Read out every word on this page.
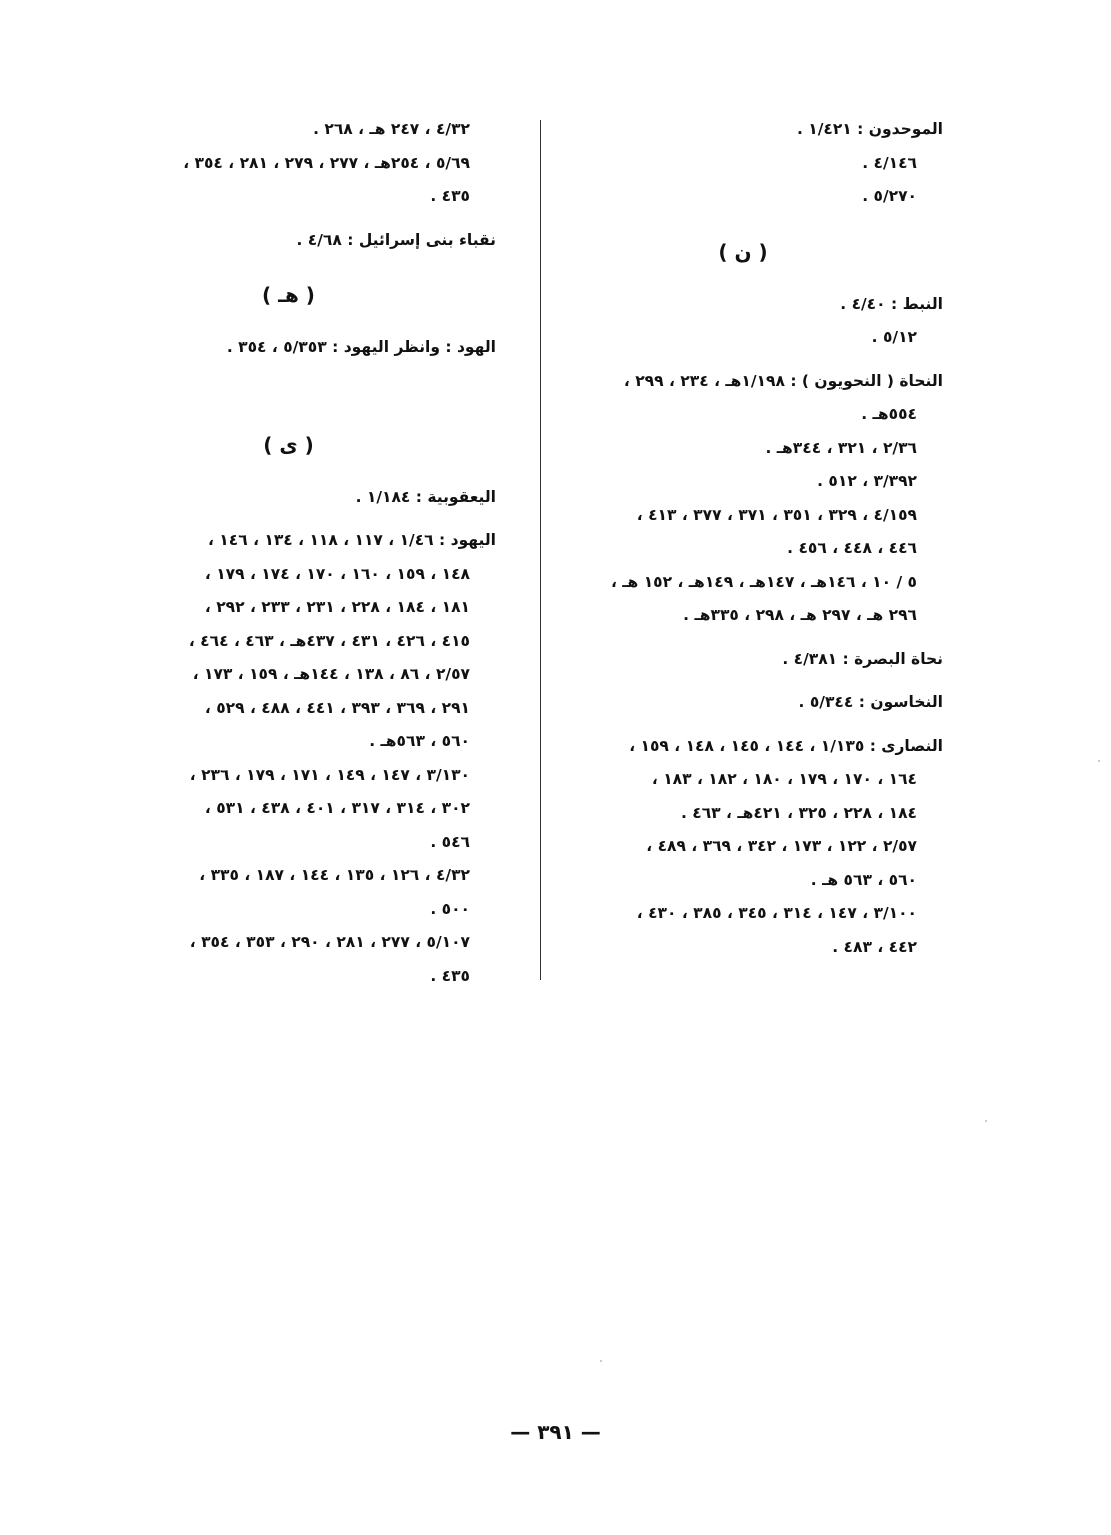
الموحدون : ١/٤٢١ .
٤/١٤٦ .
٥/٢٧٠ .
( ن )
النبط : ٤/٤٠ .
٥/١٢ .
النحاة ( النحويون ) : ١/١٩٨هـ ، ٢٣٤ ، ٢٩٩ ،
٥٥٤هـ .
٢/٣٦ ، ٣٢١ ، ٣٤٤هـ .
٣/٣٩٢ ، ٥١٢ .
٤/١٥٩ ، ٣٢٩ ، ٣٥١ ، ٣٧١ ، ٣٧٧ ، ٤١٣ ،
٤٤٦ ، ٤٤٨ ، ٤٥٦ .
٥ / ١٠ ، ١٤٦هـ ، ١٤٧هـ ، ١٤٩هـ ، ١٥٢ هـ ،
٢٩٦ هـ ، ٢٩٧ هـ ، ٢٩٨ ، ٣٣٥هـ .
نحاة البصرة : ٤/٣٨١ .
النخاسون : ٥/٣٤٤ .
النصارى : ١/١٣٥ ، ١٤٤ ، ١٤٥ ، ١٤٨ ، ١٥٩ ،
١٦٤ ، ١٧٠ ، ١٧٩ ، ١٨٠ ، ١٨٢ ، ١٨٣ ،
١٨٤ ، ٢٢٨ ، ٣٢٥ ، ٤٢١هـ ، ٤٦٣ .
٢/٥٧ ، ١٢٢ ، ١٧٣ ، ٣٤٢ ، ٣٦٩ ، ٤٨٩ ،
٥٦٠ ، ٥٦٣ هـ .
٣/١٠٠ ، ١٤٧ ، ٣١٤ ، ٣٤٥ ، ٣٨٥ ، ٤٣٠ ،
٤٤٢ ، ٤٨٣ .
٤/٣٢ ، ٢٤٧ هـ ، ٢٦٨ .
٥/٦٩ ، ٢٥٤هـ ، ٢٧٧ ، ٢٧٩ ، ٢٨١ ، ٣٥٤ ،
٤٣٥ .
نقباء بنى إسرائيل : ٤/٦٨ .
( هـ )
الهود : وانظر اليهود : ٥/٣٥٣ ، ٣٥٤ .
( ى )
اليعقوبية : ١/١٨٤ .
اليهود : ١/٤٦ ، ١١٧ ، ١١٨ ، ١٣٤ ، ١٤٦ ،
١٤٨ ، ١٥٩ ، ١٦٠ ، ١٧٠ ، ١٧٤ ، ١٧٩ ،
١٨١ ، ١٨٤ ، ٢٢٨ ، ٢٣١ ، ٢٣٣ ، ٢٩٢ ،
٤١٥ ، ٤٢٦ ، ٤٣١ ، ٤٣٧هـ ، ٤٦٣ ، ٤٦٤ ،
٢/٥٧ ، ٨٦ ، ١٣٨ ، ١٤٤هـ ، ١٥٩ ، ١٧٣ ،
٢٩١ ، ٣٦٩ ، ٣٩٣ ، ٤٤١ ، ٤٨٨ ، ٥٢٩ ،
٥٦٠ ، ٥٦٣هـ .
٣/١٣٠ ، ١٤٧ ، ١٤٩ ، ١٧١ ، ١٧٩ ، ٢٣٦ ،
٣٠٢ ، ٣١٤ ، ٣١٧ ، ٤٠١ ، ٤٣٨ ، ٥٣١ ،
٥٤٦ .
٤/٣٢ ، ١٢٦ ، ١٣٥ ، ١٤٤ ، ١٨٧ ، ٣٣٥ ،
٥٠٠ .
٥/١٠٧ ، ٢٧٧ ، ٢٨١ ، ٢٩٠ ، ٣٥٣ ، ٣٥٤ ،
٤٣٥ .
— ٣٩١ —
